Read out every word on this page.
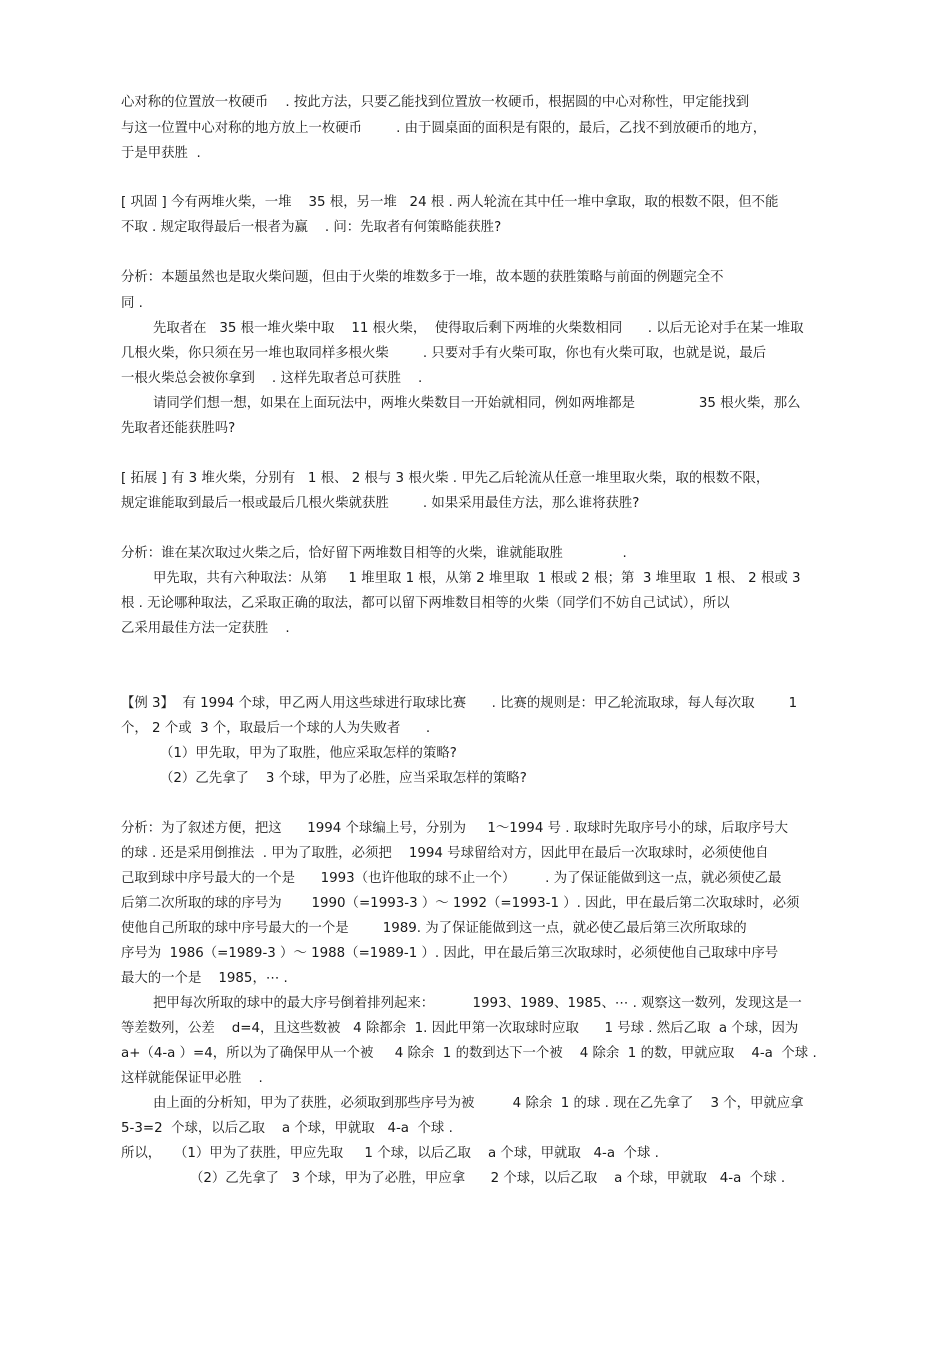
心对称的位置放一枚硬币    . 按此方法，只要乙能找到位置放一枚硬币，根据圆的中心对称性，甲定能找到
与这一位置中心对称的地方放上一枚硬币        . 由于圆桌面的面积是有限的，最后，乙找不到放硬币的地方，
于是甲获胜  .
[ 巩固 ] 今有两堆火柴，一堆    35 根，另一堆   24 根 . 两人轮流在其中任一堆中拿取，取的根数不限，但不能
不取 . 规定取得最后一根者为赢    . 问：先取者有何策略能获胜?
分析：本题虽然也是取火柴问题，但由于火柴的堆数多于一堆，故本题的获胜策略与前面的例题完全不
同 .
先取者在   35 根一堆火柴中取    11 根火柴，  使得取后剩下两堆的火柴数相同      . 以后无论对手在某一堆取
几根火柴，你只须在另一堆也取同样多根火柴        . 只要对手有火柴可取，你也有火柴可取，也就是说，最后
一根火柴总会被你拿到    . 这样先取者总可获胜    .
请同学们想一想，如果在上面玩法中，两堆火柴数目一开始就相同，例如两堆都是               35 根火柴，那么
先取者还能获胜吗?
[ 拓展 ] 有 3 堆火柴，分别有   1 根、 2 根与 3 根火柴 . 甲先乙后轮流从任意一堆里取火柴，取的根数不限，
规定谁能取到最后一根或最后几根火柴就获胜        . 如果采用最佳方法，那么谁将获胜?
分析：谁在某次取过火柴之后，恰好留下两堆数目相等的火柴，谁就能取胜              .
甲先取，共有六种取法：从第     1 堆里取 1 根，从第 2 堆里取  1 根或 2 根；第  3 堆里取  1 根、 2 根或 3
根 . 无论哪种取法，乙采取正确的取法，都可以留下两堆数目相等的火柴（同学们不妨自己试试），所以
乙采用最佳方法一定获胜    .
【例 3】  有 1994 个球，甲乙两人用这些球进行取球比赛      . 比赛的规则是：甲乙轮流取球，每人每次取        1
个， 2 个或  3 个，取最后一个球的人为失败者      .
（1）甲先取，甲为了取胜，他应采取怎样的策略?
（2）乙先拿了    3 个球，甲为了必胜，应当采取怎样的策略?
分析：为了叙述方便，把这      1994 个球编上号，分别为     1～1994 号 . 取球时先取序号小的球，后取序号大
的球 . 还是采用倒推法  . 甲为了取胜，必须把    1994 号球留给对方，因此甲在最后一次取球时，必须使他自
己取到球中序号最大的一个是      1993（也许他取的球不止一个）       . 为了保证能做到这一点，就必须使乙最
后第二次所取的球的序号为       1990（=1993-3 ）～ 1992（=1993-1 ）. 因此，甲在最后第二次取球时，必须
使他自己所取的球中序号最大的一个是        1989. 为了保证能做到这一点，就必使乙最后第三次所取球的
序号为  1986（=1989-3 ）～ 1988（=1989-1 ）. 因此，甲在最后第三次取球时，必须使他自己取球中序号
最大的一个是    1985，⋯ .
把甲每次所取的球中的最大序号倒着排列起来：         1993、1989、1985、⋯ . 观察这一数列，发现这是一
等差数列，公差    d=4，且这些数被   4 除都余  1. 因此甲第一次取球时应取      1 号球 . 然后乙取  a 个球，因为
a+（4-a ）=4，所以为了确保甲从一个被     4 除余  1 的数到达下一个被    4 除余  1 的数，甲就应取    4-a  个球 .
这样就能保证甲必胜    .
由上面的分析知，甲为了获胜，必须取到那些序号为被         4 除余  1 的球 . 现在乙先拿了    3 个，甲就应拿
5-3=2  个球，以后乙取    a 个球，甲就取   4-a  个球 .
所以，   （1）甲为了获胜，甲应先取     1 个球，以后乙取    a 个球，甲就取   4-a  个球 .
（2）乙先拿了   3 个球，甲为了必胜，甲应拿      2 个球，以后乙取    a 个球，甲就取   4-a  个球 .
